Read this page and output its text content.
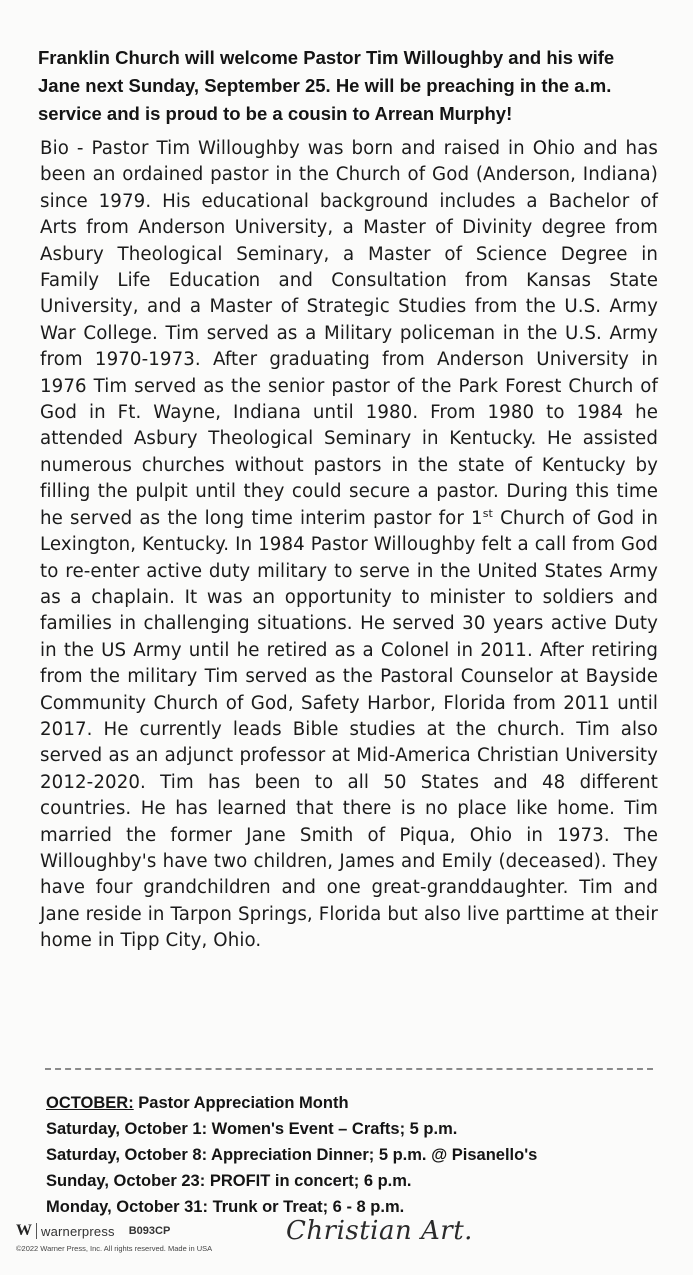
Franklin Church will welcome Pastor Tim Willoughby and his wife Jane next Sunday, September 25. He will be preaching in the a.m. service and is proud to be a cousin to Arrean Murphy!

Bio - Pastor Tim Willoughby was born and raised in Ohio and has been an ordained pastor in the Church of God (Anderson, Indiana) since 1979. His educational background includes a Bachelor of Arts from Anderson University, a Master of Divinity degree from Asbury Theological Seminary, a Master of Science Degree in Family Life Education and Consultation from Kansas State University, and a Master of Strategic Studies from the U.S. Army War College. Tim served as a Military policeman in the U.S. Army from 1970-1973. After graduating from Anderson University in 1976 Tim served as the senior pastor of the Park Forest Church of God in Ft. Wayne, Indiana until 1980. From 1980 to 1984 he attended Asbury Theological Seminary in Kentucky. He assisted numerous churches without pastors in the state of Kentucky by filling the pulpit until they could secure a pastor. During this time he served as the long time interim pastor for 1st Church of God in Lexington, Kentucky. In 1984 Pastor Willoughby felt a call from God to re-enter active duty military to serve in the United States Army as a chaplain. It was an opportunity to minister to soldiers and families in challenging situations. He served 30 years active Duty in the US Army until he retired as a Colonel in 2011. After retiring from the military Tim served as the Pastoral Counselor at Bayside Community Church of God, Safety Harbor, Florida from 2011 until 2017. He currently leads Bible studies at the church. Tim also served as an adjunct professor at Mid-America Christian University 2012-2020. Tim has been to all 50 States and 48 different countries. He has learned that there is no place like home. Tim married the former Jane Smith of Piqua, Ohio in 1973. The Willoughby's have two children, James and Emily (deceased). They have four grandchildren and one great-granddaughter. Tim and Jane reside in Tarpon Springs, Florida but also live parttime at their home in Tipp City, Ohio.

OCTOBER: Pastor Appreciation Month
Saturday, October 1: Women's Event – Crafts; 5 p.m.
Saturday, October 8: Appreciation Dinner; 5 p.m. @ Pisanello's
Sunday, October 23: PROFIT in concert; 6 p.m.
Monday, October 31: Trunk or Treat; 6 - 8 p.m.
W warnerpress B093CP
©2022 Warner Press, Inc. All rights reserved. Made in USA
Christian Art.
